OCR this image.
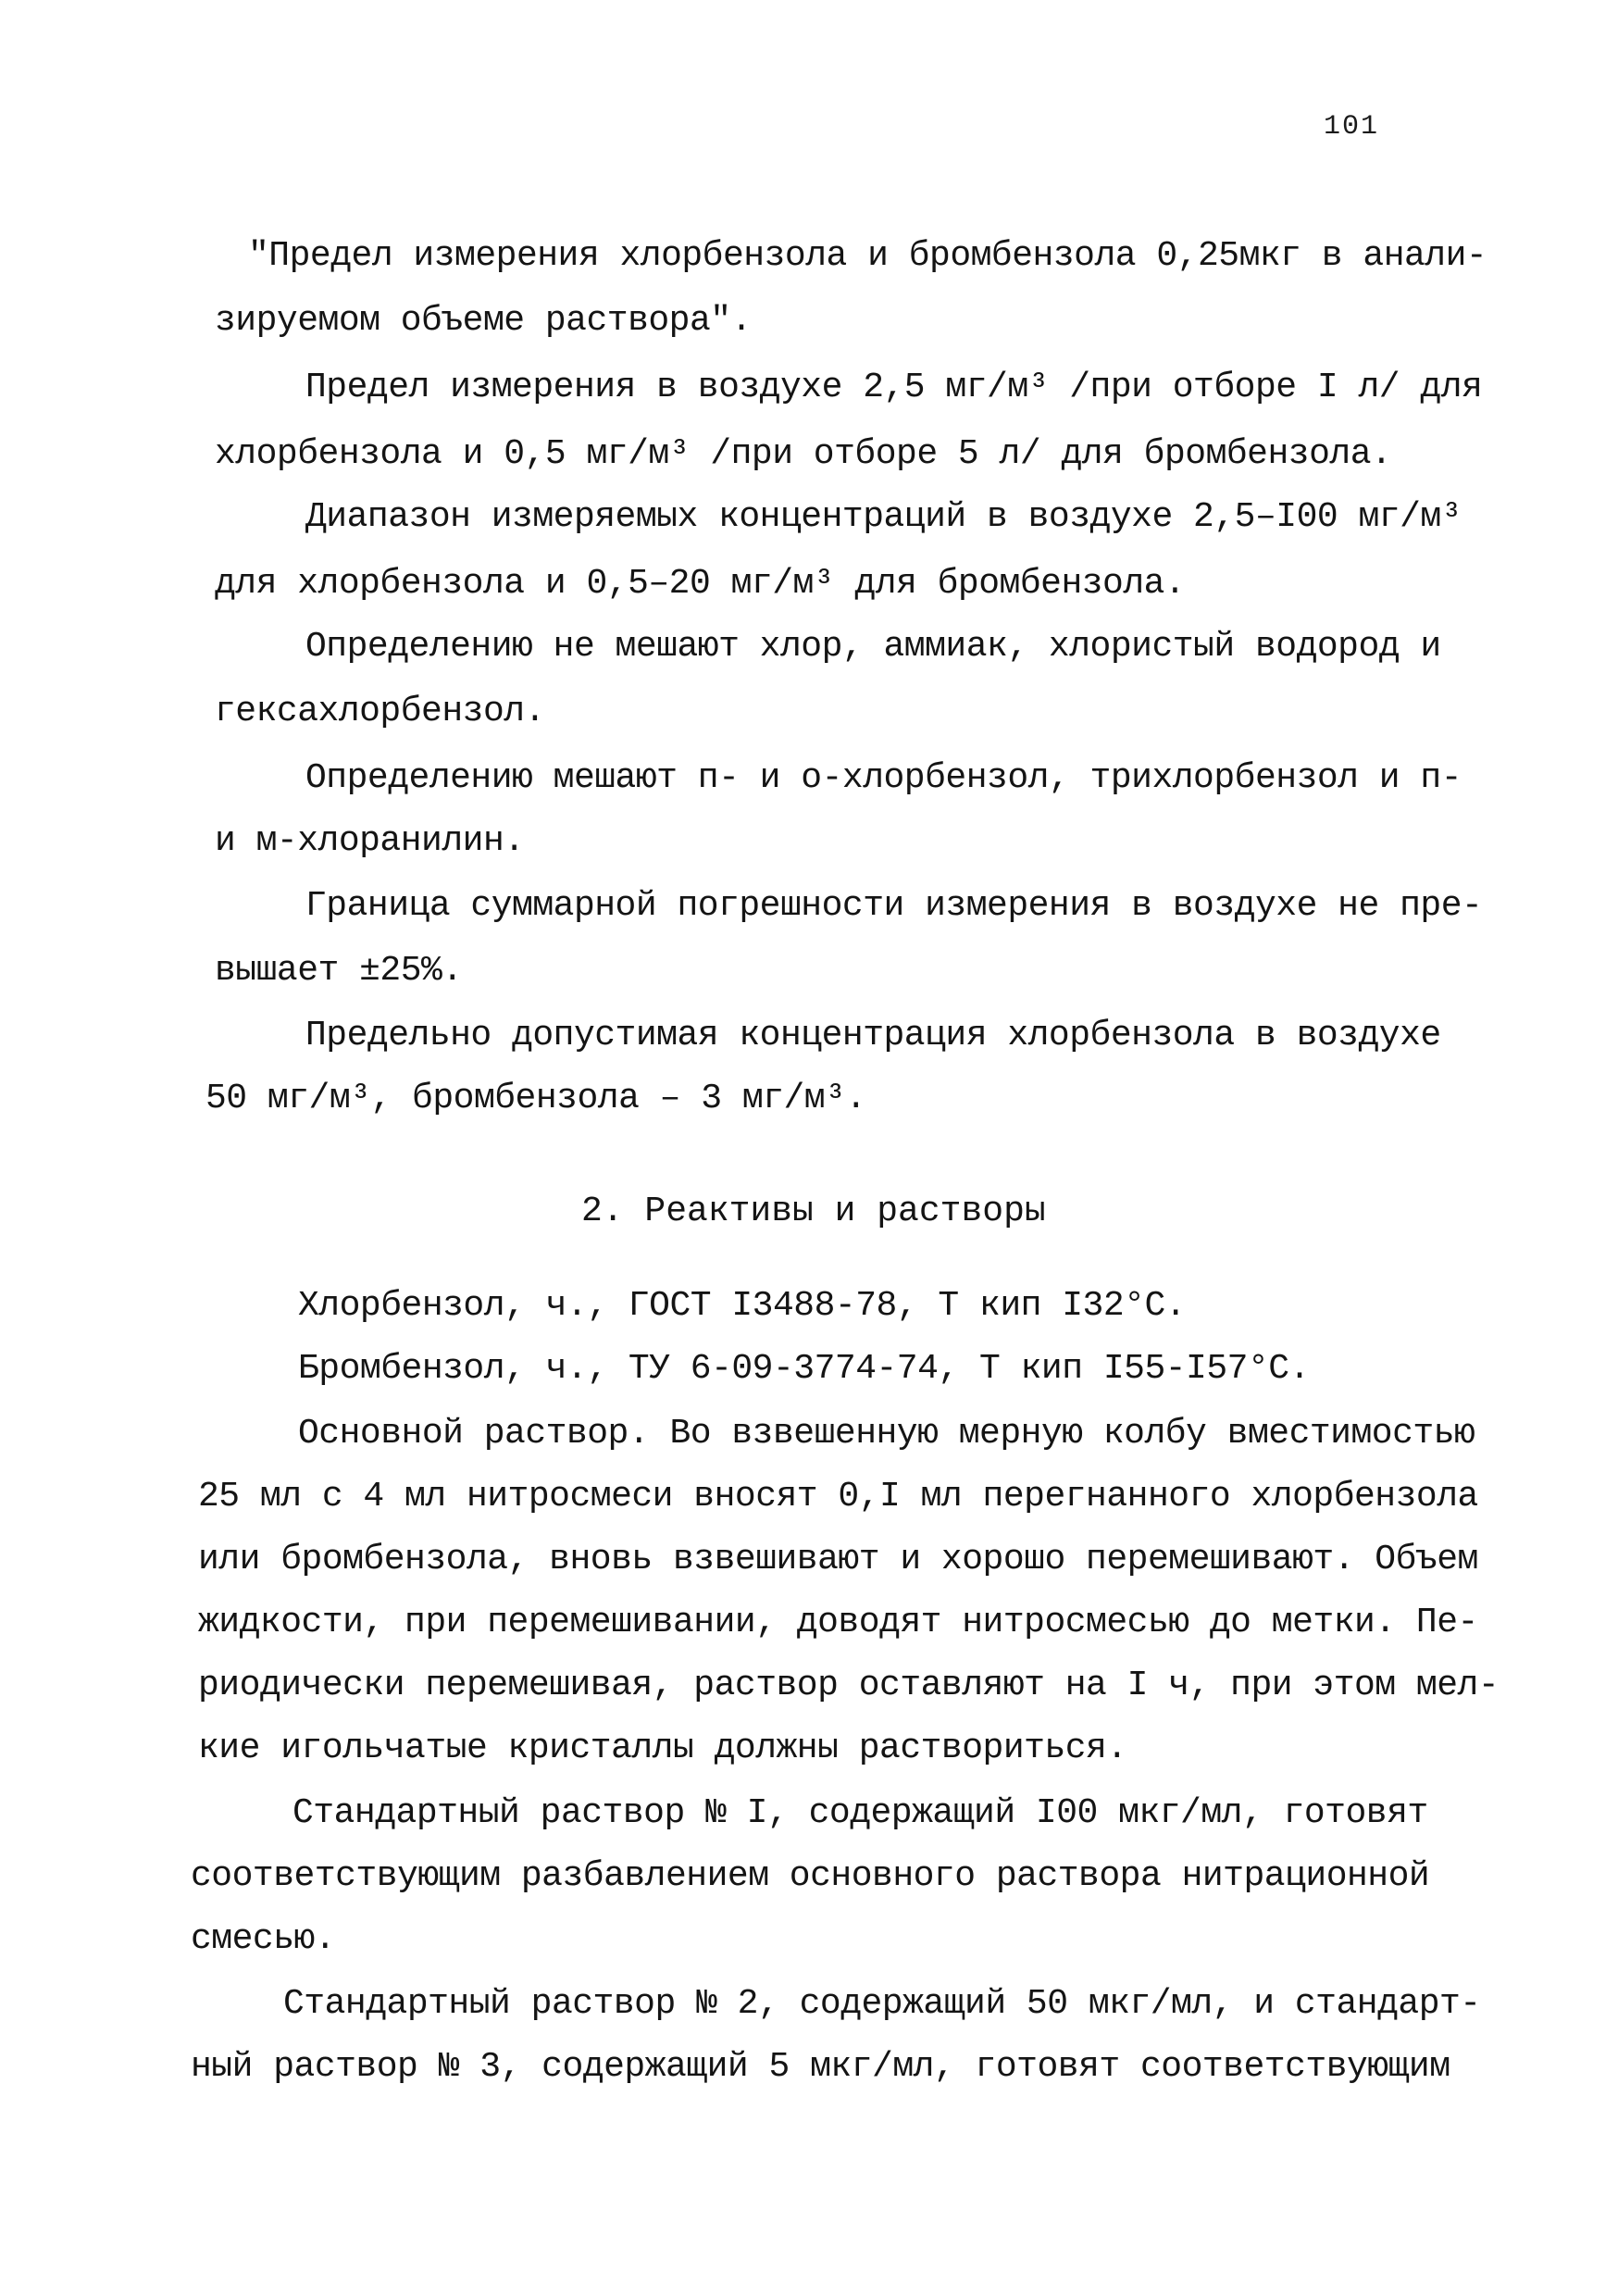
101

"Предел измерения хлорбензола и бромбензола 0,25мкг в анали-

зируемом объеме раствора".

Предел измерения в воздухе 2,5 мг/м³ /при отборе I л/ для

хлорбензола и 0,5 мг/м³ /при отборе 5 л/ для бромбензола.

Диапазон измеряемых концентраций в воздухе 2,5–I00 мг/м³

для хлорбензола и 0,5–20 мг/м³ для бромбензола.

Определению не мешают хлор, аммиак, хлористый водород и

гексахлорбензол.

Определению мешают п- и о-хлорбензол, трихлорбензол и п-

и м-хлоранилин.

Граница суммарной погрешности измерения в воздухе не пре-

вышает ±25%.

Предельно допустимая концентрация хлорбензола в воздухе

50 мг/м³, бромбензола – 3 мг/м³.

2. Реактивы и растворы

Хлорбензол, ч., ГОСТ I3488-78, Т кип I32°С.

Бромбензол, ч., ТУ 6-09-3774-74, Т кип I55-I57°С.

Основной раствор. Во взвешенную мерную колбу вместимостью

25 мл с 4 мл нитросмеси вносят 0,I мл перегнанного хлорбензола

или бромбензола, вновь взвешивают и хорошо перемешивают. Объем

жидкости, при перемешивании, доводят нитросмесью до метки. Пе-

риодически перемешивая, раствор оставляют на I ч, при этом мел-

кие игольчатые кристаллы должны раствориться.

Стандартный раствор № I, содержащий I00 мкг/мл, готовят

соответствующим разбавлением основного раствора нитрационной

смесью.

Стандартный раствор № 2, содержащий 50 мкг/мл, и стандарт-

ный раствор № 3, содержащий 5 мкг/мл, готовят соответствующим
